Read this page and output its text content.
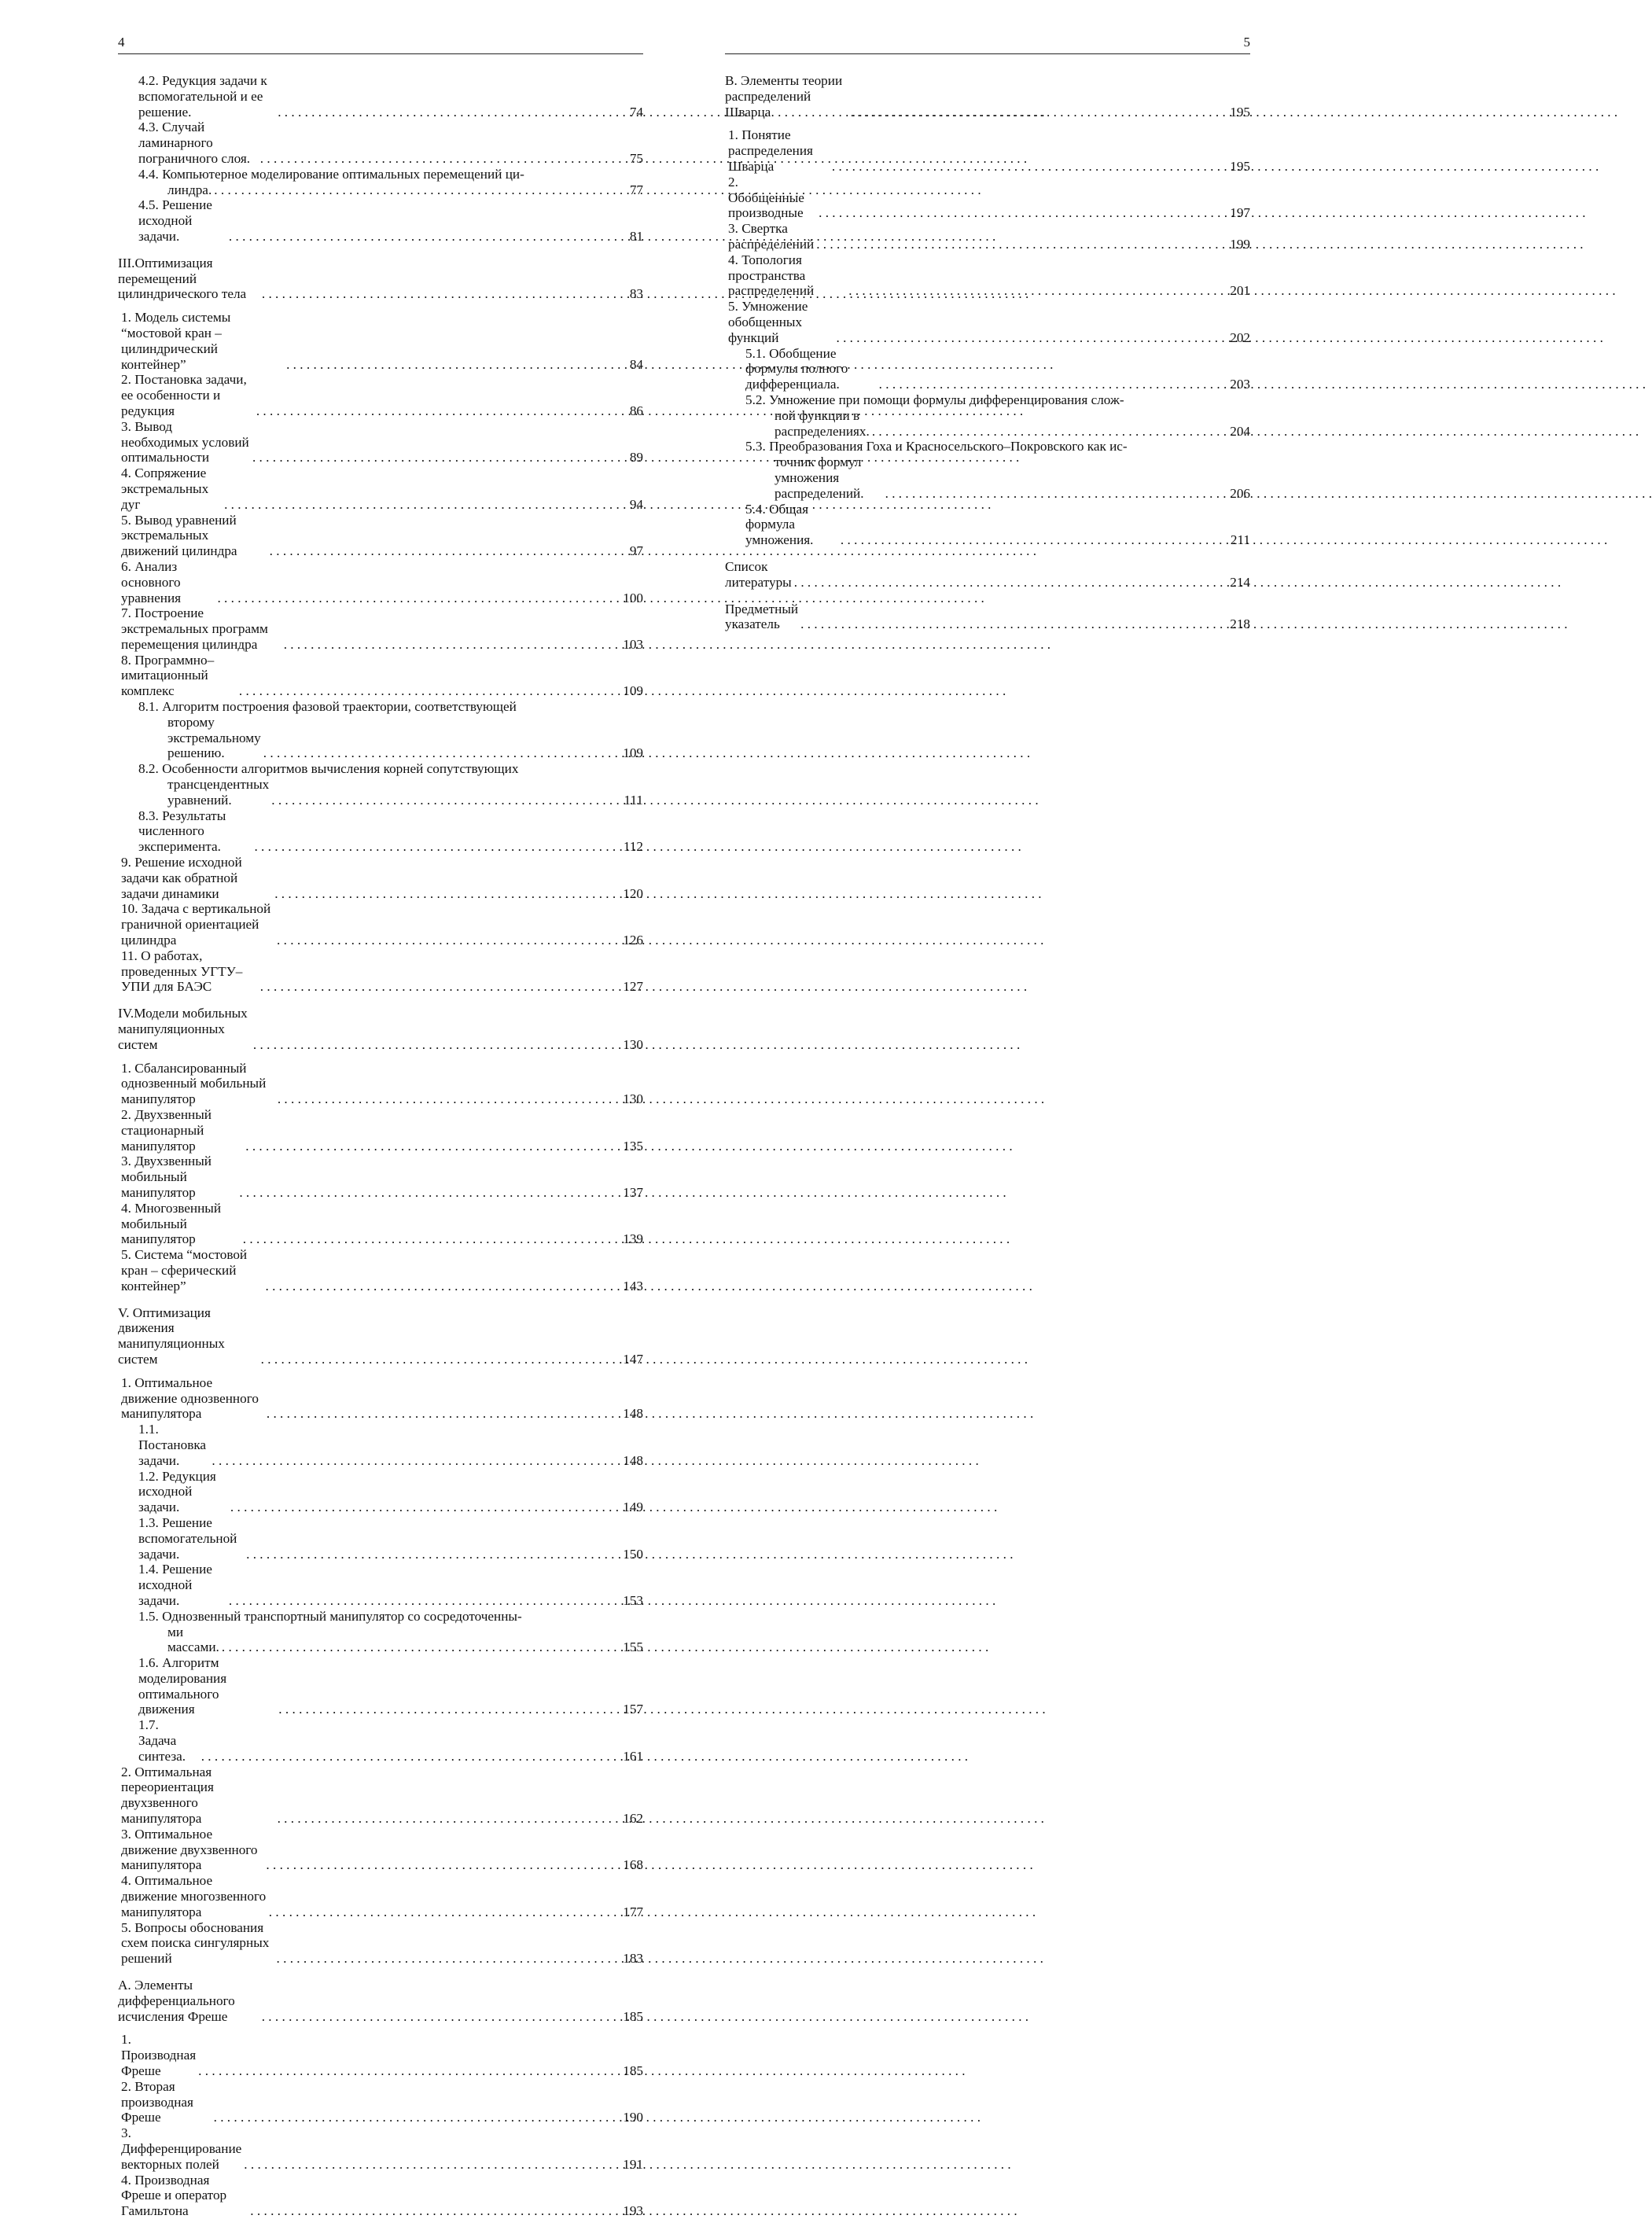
4
4.2. Редукция задачи к вспомогательной и ее решение. . . .	74
4.3. Случай ламинарного пограничного слоя. . . .	75
4.4. Компьютерное моделирование оптимальных перемещений ци-
линдра. . . .	77
4.5. Решение исходной задачи. . . .	81
III.Оптимизация перемещений цилиндрического тела . . .	83
1. Модель системы “мостовой кран – цилиндрический контейнер” . . .	84
2. Постановка задачи, ее особенности и редукция . . .	86
3. Вывод необходимых условий оптимальности . . .	89
4. Сопряжение экстремальных дуг . . .	94
5. Вывод уравнений экстремальных движений цилиндра . . .	97
6. Анализ основного уравнения . . .	100
7. Построение экстремальных программ перемещения цилиндра . . .	103
8. Программно–имитационный комплекс . . .	109
8.1. Алгоритм построения фазовой траектории, соответствующей
второму экстремальному решению. . . .	109
8.2. Особенности алгоритмов вычисления корней сопутствующих
трансцендентных уравнений. . . .	111
8.3. Результаты численного эксперимента. . . .	112
9. Решение исходной задачи как обратной задачи динамики . . .	120
10. Задача с вертикальной граничной ориентацией цилиндра . . .	126
11. О работах, проведенных УГТУ–УПИ для БАЭС . . .	127
IV.Модели мобильных манипуляционных систем . . .	130
1. Сбалансированный однозвенный мобильный манипулятор . . .	130
2. Двухзвенный стационарный манипулятор . . .	135
3. Двухзвенный мобильный манипулятор . . .	137
4. Многозвенный мобильный манипулятор . . .	139
5. Система “мостовой кран – сферический контейнер” . . .	143
V. Оптимизация движения манипуляционных систем . . .	147
1. Оптимальное движение однозвенного манипулятора . . .	148
1.1. Постановка задачи. . . .	148
1.2. Редукция исходной задачи. . . .	149
1.3. Решение вспомогательной задачи. . . .	150
1.4. Решение исходной задачи. . . .	153
1.5. Однозвенный транспортный манипулятор со сосредоточенны-
ми массами. . . .	155
1.6. Алгоритм моделирования оптимального движения . . .	157
1.7. Задача синтеза. . . .	161
2. Оптимальная переориентация двухзвенного манипулятора . . .	162
3. Оптимальное движение двухзвенного манипулятора . . .	168
4. Оптимальное движение многозвенного манипулятора . . .	177
5. Вопросы обоснования схем поиска сингулярных решений . . .	183
A. Элементы дифференциального исчисления Фреше . . .	185
1. Производная Фреше . . .	185
2. Вторая производная Фреше . . .	190
3. Дифференцирование векторных полей . . .	191
4. Производная Фреше и оператор Гамильтона . . .	193
5
B. Элементы теории распределений Шварца . . .	195
1. Понятие распределения Шварца . . .	195
2. Обобщенные производные . . .	197
3. Свертка распределений . . .	199
4. Топология пространства распределений . . .	201
5. Умножение обобщенных функций . . .	202
5.1. Обобщение формулы полного дифференциала. . . .	203
5.2. Умножение при помощи формулы дифференцирования слож-
ной функции в распределениях. . . .	204
5.3. Преобразования Гоха и Красносельского–Покровского как ис-
точник формул умножения распределений. . . .	206
5.4. Общая формула умножения. . . .	211
Список литературы . . .	214
Предметный указатель . . .	218
